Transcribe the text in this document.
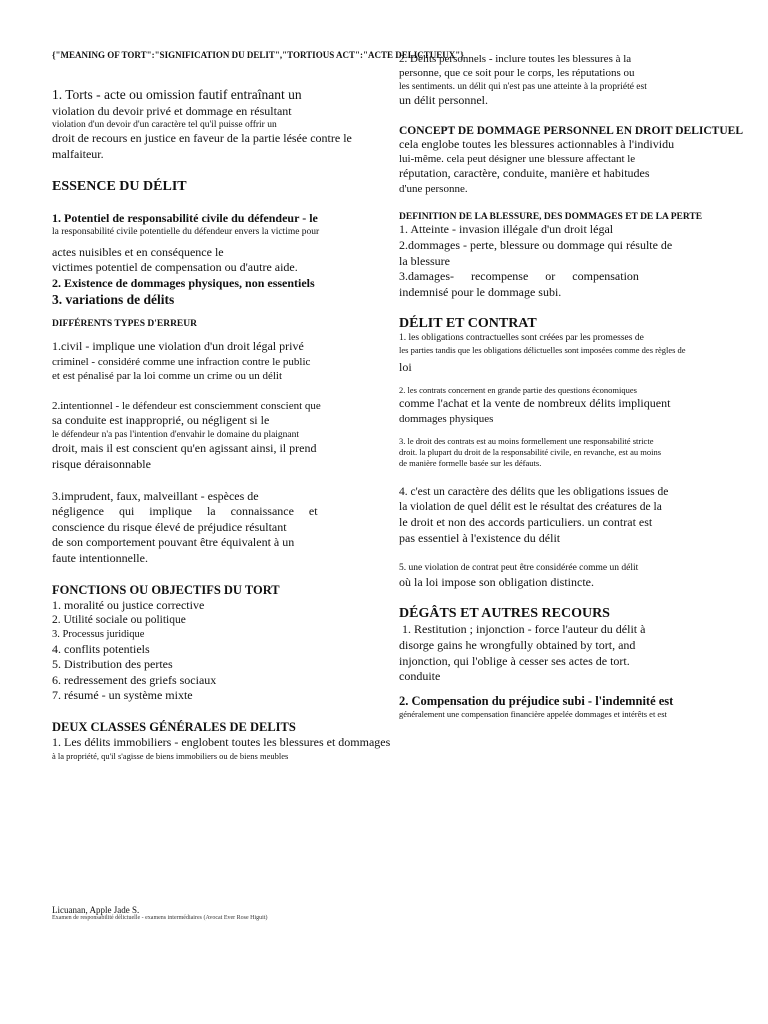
{"MEANING OF TORT":"SIGNIFICATION DU DELIT","TORTIOUS ACT":"ACTE DELICTUEUX"}

1. Torts - acte ou omission fautif entraînant un

violation du devoir privé et dommage en résultant

violation d'un devoir d'un caractère tel qu'il puisse offrir un

droit de recours en justice en faveur de la partie lésée contre le malfaiteur.

ESSENCE DU DÉLIT

1. Potentiel de responsabilité civile du défendeur - le

la responsabilité civile potentielle du défendeur envers la victime pour

actes nuisibles et en conséquence le

victimes potentiel de compensation ou d'autre aide.

2. Existence de dommages physiques, non essentiels

3. variations de délits

DIFFÉRENTS TYPES D'ERREUR

1.civil - implique une violation d'un droit légal privé

criminel - considéré comme une infraction contre le public

et est pénalisé par la loi comme un crime ou un délit

2.intentionnel - le défendeur est consciemment conscient que

sa conduite est inapproprié, ou négligent si le

le défendeur n'a pas l'intention d'envahir le domaine du plaignant

droit, mais il est conscient qu'en agissant ainsi, il prend

risque déraisonnable

3.imprudent, faux, malveillant - espèces de

négligence qui implique la connaissance et

conscience du risque élevé de préjudice résultant

de son comportement pouvant être équivalent à un

faute intentionnelle.

FONCTIONS OU OBJECTIFS DU TORT

1. moralité ou justice corrective

2. Utilité sociale ou politique

3. Processus juridique

4. conflits potentiels

5. Distribution des pertes

6. redressement des griefs sociaux

7. résumé - un système mixte

DEUX CLASSES GÉNÉRALES DE DELITS

1. Les délits immobiliers - englobent toutes les blessures et dommages

à la propriété, qu'il s'agisse de biens immobiliers ou de biens meubles

2. Délits personnels - inclure toutes les blessures à la

personne, que ce soit pour le corps, les réputations ou

les sentiments. un délit qui n'est pas une atteinte à la propriété est

un délit personnel.

CONCEPT DE DOMMAGE PERSONNEL EN DROIT DELICTUEL

cela englobe toutes les blessures actionnables à l'individu

lui-même. cela peut désigner une blessure affectant le

réputation, caractère, conduite, manière et habitudes

d'une personne.

DEFINITION DE LA BLESSURE, DES DOMMAGES ET DE LA PERTE

1. Atteinte - invasion illégale d'un droit légal

2.dommages - perte, blessure ou dommage qui résulte de

la blessure

3.damages- recompense or compensation

indemnisé pour le dommage subi.

DÉLIT ET CONTRAT

1. les obligations contractuelles sont créées par les promesses de

les parties tandis que les obligations délictuelles sont imposées comme des règles de

loi

2. les contrats concernent en grande partie des questions économiques

comme l'achat et la vente de nombreux délits impliquent

dommages physiques

3. le droit des contrats est au moins formellement une responsabilité stricte

droit. la plupart du droit de la responsabilité civile, en revanche, est au moins

de manière formelle basée sur les défauts.

4. c'est un caractère des délits que les obligations issues de

la violation de quel délit est le résultat des créatures de la

le droit et non des accords particuliers. un contrat est

pas essentiel à l'existence du délit

5. une violation de contrat peut être considérée comme un délit

où la loi impose son obligation distincte.

DÉGÂTS ET AUTRES RECOURS

1. Restitution ; injonction - force l'auteur du délit à

disorge gains he wrongfully obtained by tort, and

injonction, qui l'oblige à cesser ses actes de tort.

conduite

2. Compensation du préjudice subi - l'indemnité est

généralement une compensation financière appelée dommages et intérêts et est

Licuanan, Apple Jade S.
Examen de responsabilité délictuelle - examens intermédiaires (Avocat Ever Rose Higuit)
